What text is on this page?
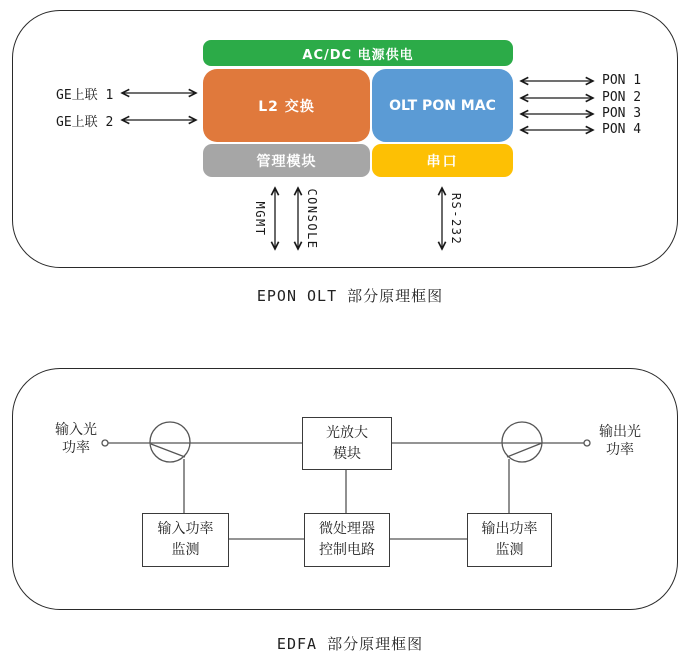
AC/DC 电源供电
L2 交换	OLT PON MAC
管理模块	串口
GE上联 1
GE上联 2
PON 1
PON 2
PON 3
PON 4
MGMT	CONSOLE	RS-232
EPON OLT 部分原理框图
EDFA 部分原理框图
光放大
模块
输入功率
监测
微处理器
控制电路
输出功率
监测
输入光
功率
输出光
功率
